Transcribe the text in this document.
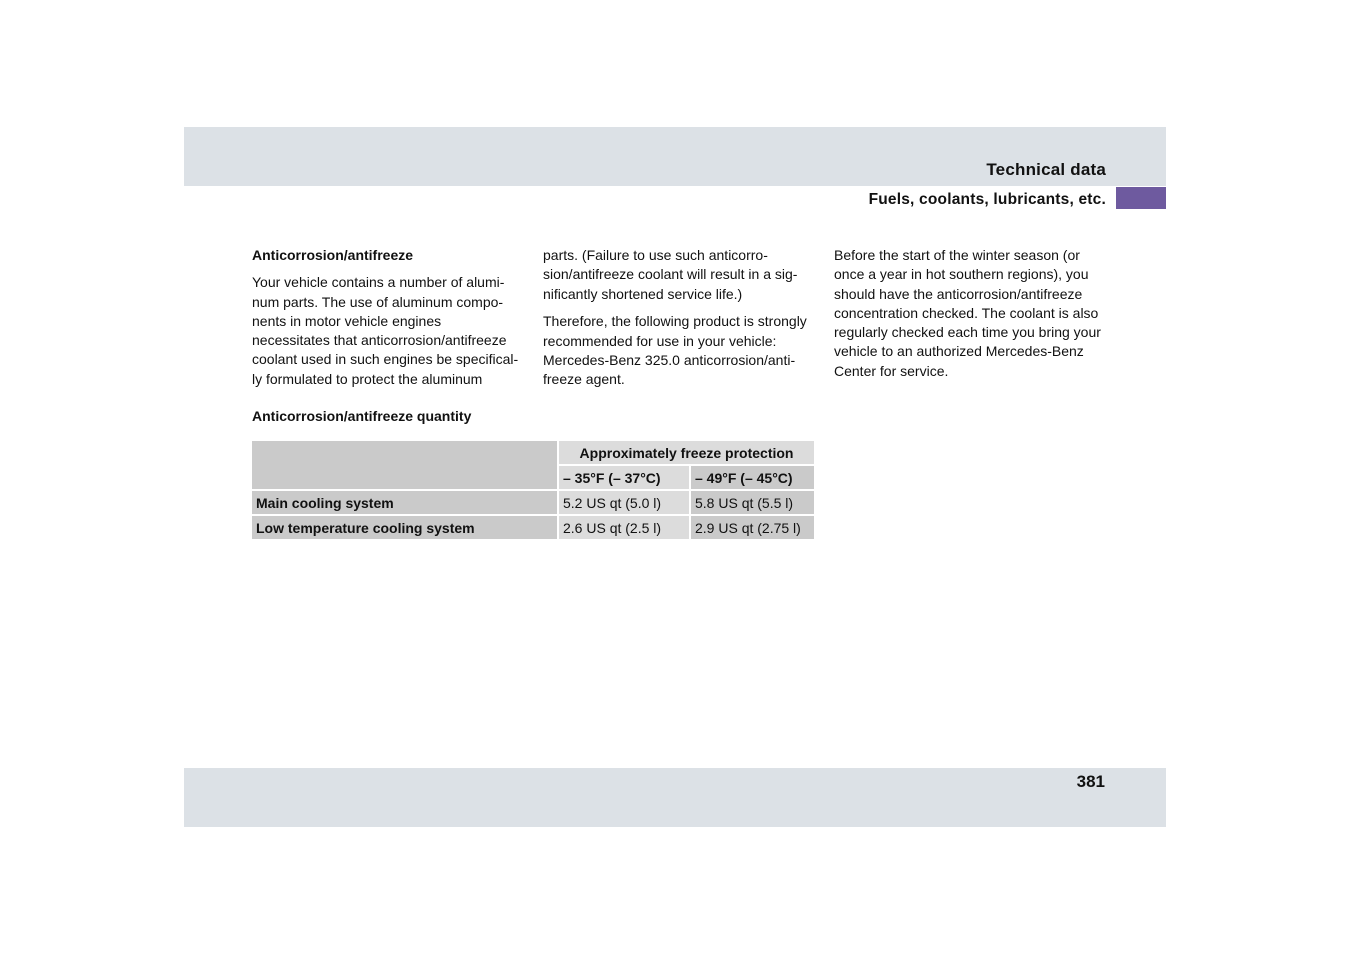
Technical data
Fuels, coolants, lubricants, etc.
Anticorrosion/antifreeze

Your vehicle contains a number of alumi-
num parts. The use of aluminum compo-
nents in motor vehicle engines
necessitates that anticorrosion/antifreeze
coolant used in such engines be specifical-
ly formulated to protect the aluminum

parts. (Failure to use such anticorro-
sion/antifreeze coolant will result in a sig-
nificantly shortened service life.)

Therefore, the following product is strongly
recommended for use in your vehicle:
Mercedes-Benz 325.0 anticorrosion/anti-
freeze agent.

Before the start of the winter season (or
once a year in hot southern regions), you
should have the anticorrosion/antifreeze
concentration checked. The coolant is also
regularly checked each time you bring your
vehicle to an authorized Mercedes-Benz
Center for service.

Anticorrosion/antifreeze quantity
	Approximately freeze protection	
	– 35°F (– 37°C)	– 49°F (– 45°C)
Main cooling system	5.2 US qt (5.0 l)	5.8 US qt (5.5 l)
Low temperature cooling system	2.6 US qt (2.5 l)	2.9 US qt (2.75 l)
381
